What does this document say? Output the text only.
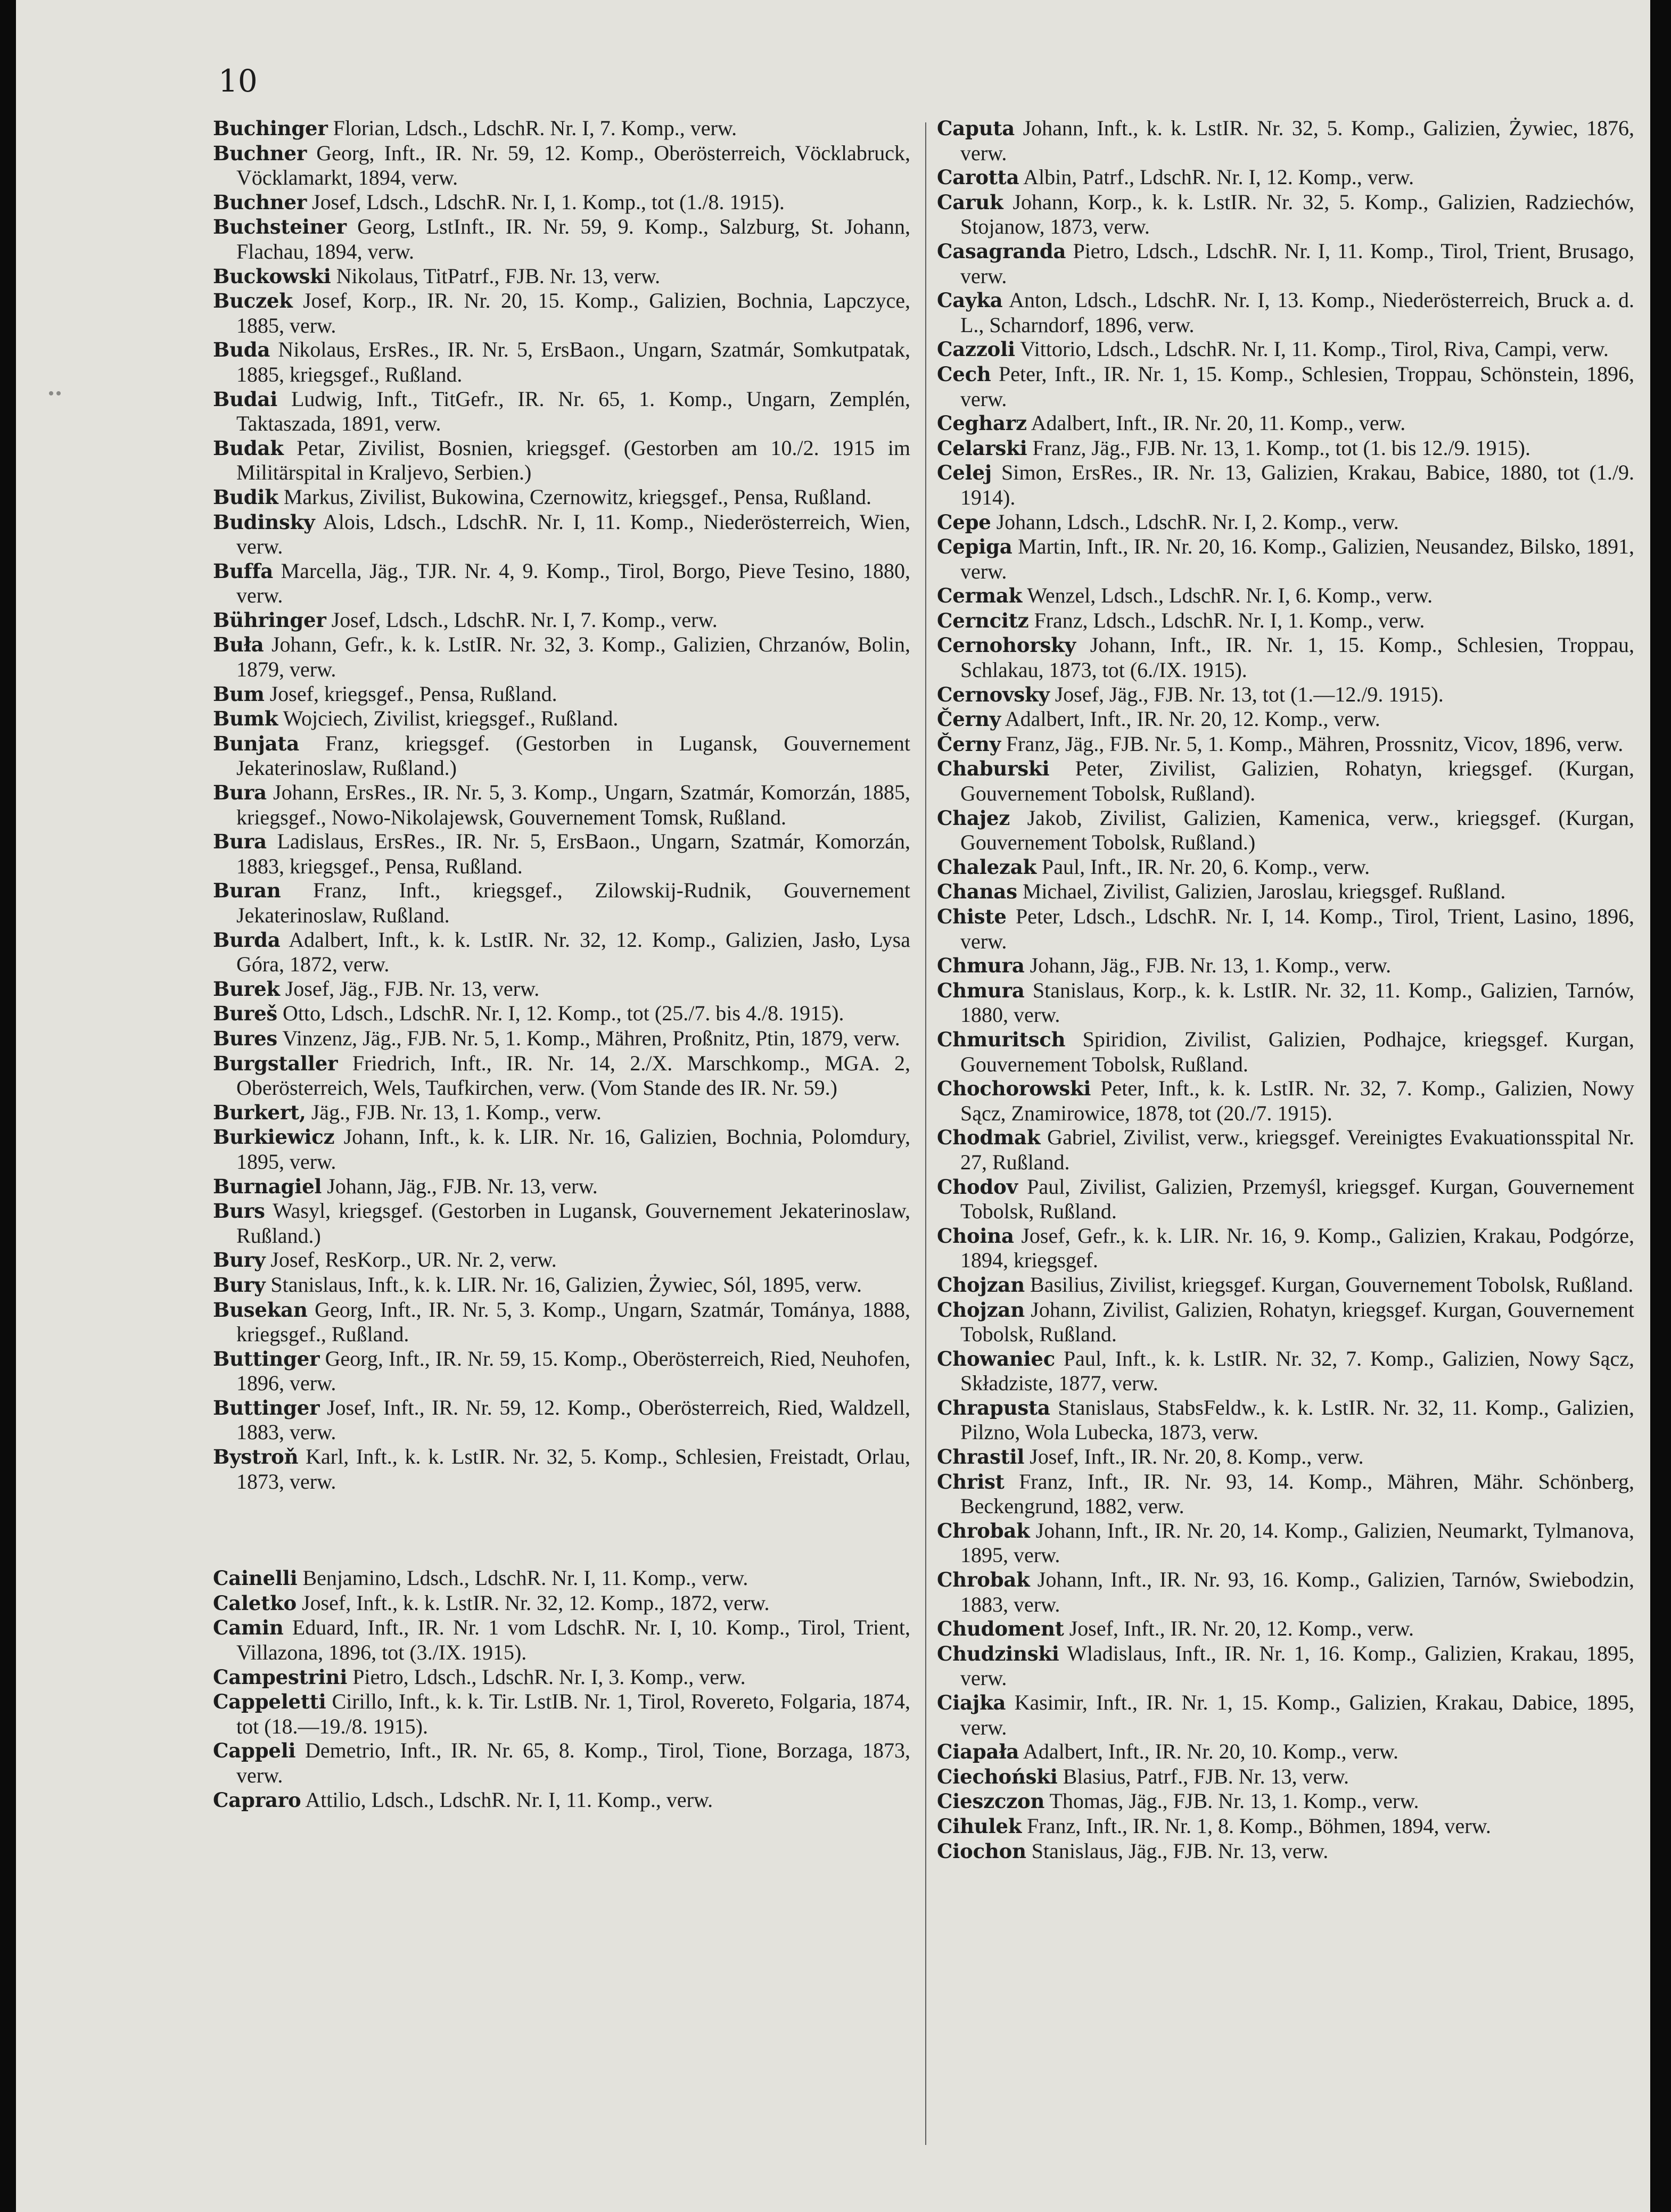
10

Buchinger Florian, Ldsch., LdschR. Nr. I, 7. Komp., verw.

Buchner Georg, Inft., IR. Nr. 59, 12. Komp., Oberösterreich, Vöcklabruck, Vöcklamarkt, 1894, verw.

Buchner Josef, Ldsch., LdschR. Nr. I, 1. Komp., tot (1./8. 1915).

Buchsteiner Georg, LstInft., IR. Nr. 59, 9. Komp., Salzburg, St. Johann, Flachau, 1894, verw.

Buckowski Nikolaus, TitPatrf., FJB. Nr. 13, verw.

Buczek Josef, Korp., IR. Nr. 20, 15. Komp., Galizien, Bochnia, Lapczyce, 1885, verw.

Buda Nikolaus, ErsRes., IR. Nr. 5, ErsBaon., Ungarn, Szatmár, Somkutpatak, 1885, kriegsgef., Rußland.

Budai Ludwig, Inft., TitGefr., IR. Nr. 65, 1. Komp., Ungarn, Zemplén, Taktaszada, 1891, verw.

Budak Petar, Zivilist, Bosnien, kriegsgef. (Gestorben am 10./2. 1915 im Militärspital in Kraljevo, Serbien.)

Budik Markus, Zivilist, Bukowina, Czernowitz, kriegsgef., Pensa, Rußland.

Budinsky Alois, Ldsch., LdschR. Nr. I, 11. Komp., Niederösterreich, Wien, verw.

Buffa Marcella, Jäg., TJR. Nr. 4, 9. Komp., Tirol, Borgo, Pieve Tesino, 1880, verw.

Bühringer Josef, Ldsch., LdschR. Nr. I, 7. Komp., verw.

Buła Johann, Gefr., k. k. LstIR. Nr. 32, 3. Komp., Galizien, Chrzanów, Bolin, 1879, verw.

Bum Josef, kriegsgef., Pensa, Rußland.

Bumk Wojciech, Zivilist, kriegsgef., Rußland.

Bunjata Franz, kriegsgef. (Gestorben in Lugansk, Gouvernement Jekaterinoslaw, Rußland.)

Bura Johann, ErsRes., IR. Nr. 5, 3. Komp., Ungarn, Szatmár, Komorzán, 1885, kriegsgef., Nowo-Nikolajewsk, Gouvernement Tomsk, Rußland.

Bura Ladislaus, ErsRes., IR. Nr. 5, ErsBaon., Ungarn, Szatmár, Komorzán, 1883, kriegsgef., Pensa, Rußland.

Buran Franz, Inft., kriegsgef., Zilowskij-Rudnik, Gouvernement Jekaterinoslaw, Rußland.

Burda Adalbert, Inft., k. k. LstIR. Nr. 32, 12. Komp., Galizien, Jasło, Lysa Góra, 1872, verw.

Burek Josef, Jäg., FJB. Nr. 13, verw.

Bureš Otto, Ldsch., LdschR. Nr. I, 12. Komp., tot (25./7. bis 4./8. 1915).

Bures Vinzenz, Jäg., FJB. Nr. 5, 1. Komp., Mähren, Proßnitz, Ptin, 1879, verw.

Burgstaller Friedrich, Inft., IR. Nr. 14, 2./X. Marschkomp., MGA. 2, Oberösterreich, Wels, Taufkirchen, verw. (Vom Stande des IR. Nr. 59.)

Burkert, Jäg., FJB. Nr. 13, 1. Komp., verw.

Burkiewicz Johann, Inft., k. k. LIR. Nr. 16, Galizien, Bochnia, Polomdury, 1895, verw.

Burnagiel Johann, Jäg., FJB. Nr. 13, verw.

Burs Wasyl, kriegsgef. (Gestorben in Lugansk, Gouvernement Jekaterinoslaw, Rußland.)

Bury Josef, ResKorp., UR. Nr. 2, verw.

Bury Stanislaus, Inft., k. k. LIR. Nr. 16, Galizien, Żywiec, Sól, 1895, verw.

Busekan Georg, Inft., IR. Nr. 5, 3. Komp., Ungarn, Szatmár, Tományа, 1888, kriegsgef., Rußland.

Buttinger Georg, Inft., IR. Nr. 59, 15. Komp., Oberösterreich, Ried, Neuhofen, 1896, verw.

Buttinger Josef, Inft., IR. Nr. 59, 12. Komp., Oberösterreich, Ried, Waldzell, 1883, verw.

Bystroň Karl, Inft., k. k. LstIR. Nr. 32, 5. Komp., Schlesien, Freistadt, Orlau, 1873, verw.

Cainelli Benjamino, Ldsch., LdschR. Nr. I, 11. Komp., verw.

Caletko Josef, Inft., k. k. LstIR. Nr. 32, 12. Komp., 1872, verw.

Camin Eduard, Inft., IR. Nr. 1 vom LdschR. Nr. I, 10. Komp., Tirol, Trient, Villazona, 1896, tot (3./IX. 1915).

Campestrini Pietro, Ldsch., LdschR. Nr. I, 3. Komp., verw.

Cappeletti Cirillo, Inft., k. k. Tir. LstIB. Nr. 1, Tirol, Rovereto, Folgaria, 1874, tot (18.—19./8. 1915).

Cappeli Demetrio, Inft., IR. Nr. 65, 8. Komp., Tirol, Tione, Borzaga, 1873, verw.

Capraro Attilio, Ldsch., LdschR. Nr. I, 11. Komp., verw.

Caputa Johann, Inft., k. k. LstIR. Nr. 32, 5. Komp., Galizien, Żywiec, 1876, verw.

Carotta Albin, Patrf., LdschR. Nr. I, 12. Komp., verw.

Caruk Johann, Korp., k. k. LstIR. Nr. 32, 5. Komp., Galizien, Radziechów, Stojanow, 1873, verw.

Casagranda Pietro, Ldsch., LdschR. Nr. I, 11. Komp., Tirol, Trient, Brusago, verw.

Cayka Anton, Ldsch., LdschR. Nr. I, 13. Komp., Niederösterreich, Bruck a. d. L., Scharndorf, 1896, verw.

Cazzoli Vittorio, Ldsch., LdschR. Nr. I, 11. Komp., Tirol, Riva, Campi, verw.

Cech Peter, Inft., IR. Nr. 1, 15. Komp., Schlesien, Troppau, Schönstein, 1896, verw.

Cegharz Adalbert, Inft., IR. Nr. 20, 11. Komp., verw.

Celarski Franz, Jäg., FJB. Nr. 13, 1. Komp., tot (1. bis 12./9. 1915).

Celej Simon, ErsRes., IR. Nr. 13, Galizien, Krakau, Babice, 1880, tot (1./9. 1914).

Cepe Johann, Ldsch., LdschR. Nr. I, 2. Komp., verw.

Cepiga Martin, Inft., IR. Nr. 20, 16. Komp., Galizien, Neusandez, Bilsko, 1891, verw.

Cermak Wenzel, Ldsch., LdschR. Nr. I, 6. Komp., verw.

Cerncitz Franz, Ldsch., LdschR. Nr. I, 1. Komp., verw.

Cernohorsky Johann, Inft., IR. Nr. 1, 15. Komp., Schlesien, Troppau, Schlakau, 1873, tot (6./IX. 1915).

Cernovsky Josef, Jäg., FJB. Nr. 13, tot (1.—12./9. 1915).

Černy Adalbert, Inft., IR. Nr. 20, 12. Komp., verw.

Černy Franz, Jäg., FJB. Nr. 5, 1. Komp., Mähren, Prossnitz, Vicov, 1896, verw.

Chaburski Peter, Zivilist, Galizien, Rohatyn, kriegsgef. (Kurgan, Gouvernement Tobolsk, Rußland).

Chajez Jakob, Zivilist, Galizien, Kamenica, verw., kriegsgef. (Kurgan, Gouvernement Tobolsk, Rußland.)

Chalezak Paul, Inft., IR. Nr. 20, 6. Komp., verw.

Chanas Michael, Zivilist, Galizien, Jaroslau, kriegsgef. Rußland.

Chiste Peter, Ldsch., LdschR. Nr. I, 14. Komp., Tirol, Trient, Lasino, 1896, verw.

Chmura Johann, Jäg., FJB. Nr. 13, 1. Komp., verw.

Chmura Stanislaus, Korp., k. k. LstIR. Nr. 32, 11. Komp., Galizien, Tarnów, 1880, verw.

Chmuritsch Spiridion, Zivilist, Galizien, Podhajce, kriegsgef. Kurgan, Gouvernement Tobolsk, Rußland.

Chochorowski Peter, Inft., k. k. LstIR. Nr. 32, 7. Komp., Galizien, Nowy Sącz, Znamirowice, 1878, tot (20./7. 1915).

Chodmak Gabriel, Zivilist, verw., kriegsgef. Vereinigtes Evakuationsspital Nr. 27, Rußland.

Chodov Paul, Zivilist, Galizien, Przemyśl, kriegsgef. Kurgan, Gouvernement Tobolsk, Rußland.

Choina Josef, Gefr., k. k. LIR. Nr. 16, 9. Komp., Galizien, Krakau, Podgórze, 1894, kriegsgef.

Chojzan Basilius, Zivilist, kriegsgef. Kurgan, Gouvernement Tobolsk, Rußland.

Chojzan Johann, Zivilist, Galizien, Rohatyn, kriegsgef. Kurgan, Gouvernement Tobolsk, Rußland.

Chowaniec Paul, Inft., k. k. LstIR. Nr. 32, 7. Komp., Galizien, Nowy Sącz, Składziste, 1877, verw.

Chrapusta Stanislaus, StabsFeldw., k. k. LstIR. Nr. 32, 11. Komp., Galizien, Pilzno, Wola Lubecka, 1873, verw.

Chrastil Josef, Inft., IR. Nr. 20, 8. Komp., verw.

Christ Franz, Inft., IR. Nr. 93, 14. Komp., Mähren, Mähr. Schönberg, Beckengrund, 1882, verw.

Chrobak Johann, Inft., IR. Nr. 20, 14. Komp., Galizien, Neumarkt, Tylmanova, 1895, verw.

Chrobak Johann, Inft., IR. Nr. 93, 16. Komp., Galizien, Tarnów, Swiebodzin, 1883, verw.

Chudoment Josef, Inft., IR. Nr. 20, 12. Komp., verw.

Chudzinski Wladislaus, Inft., IR. Nr. 1, 16. Komp., Galizien, Krakau, 1895, verw.

Ciajka Kasimir, Inft., IR. Nr. 1, 15. Komp., Galizien, Krakau, Dabice, 1895, verw.

Ciapała Adalbert, Inft., IR. Nr. 20, 10. Komp., verw.

Ciechoński Blasius, Patrf., FJB. Nr. 13, verw.

Cieszczon Thomas, Jäg., FJB. Nr. 13, 1. Komp., verw.

Cihulek Franz, Inft., IR. Nr. 1, 8. Komp., Böhmen, 1894, verw.

Ciochon Stanislaus, Jäg., FJB. Nr. 13, verw.
